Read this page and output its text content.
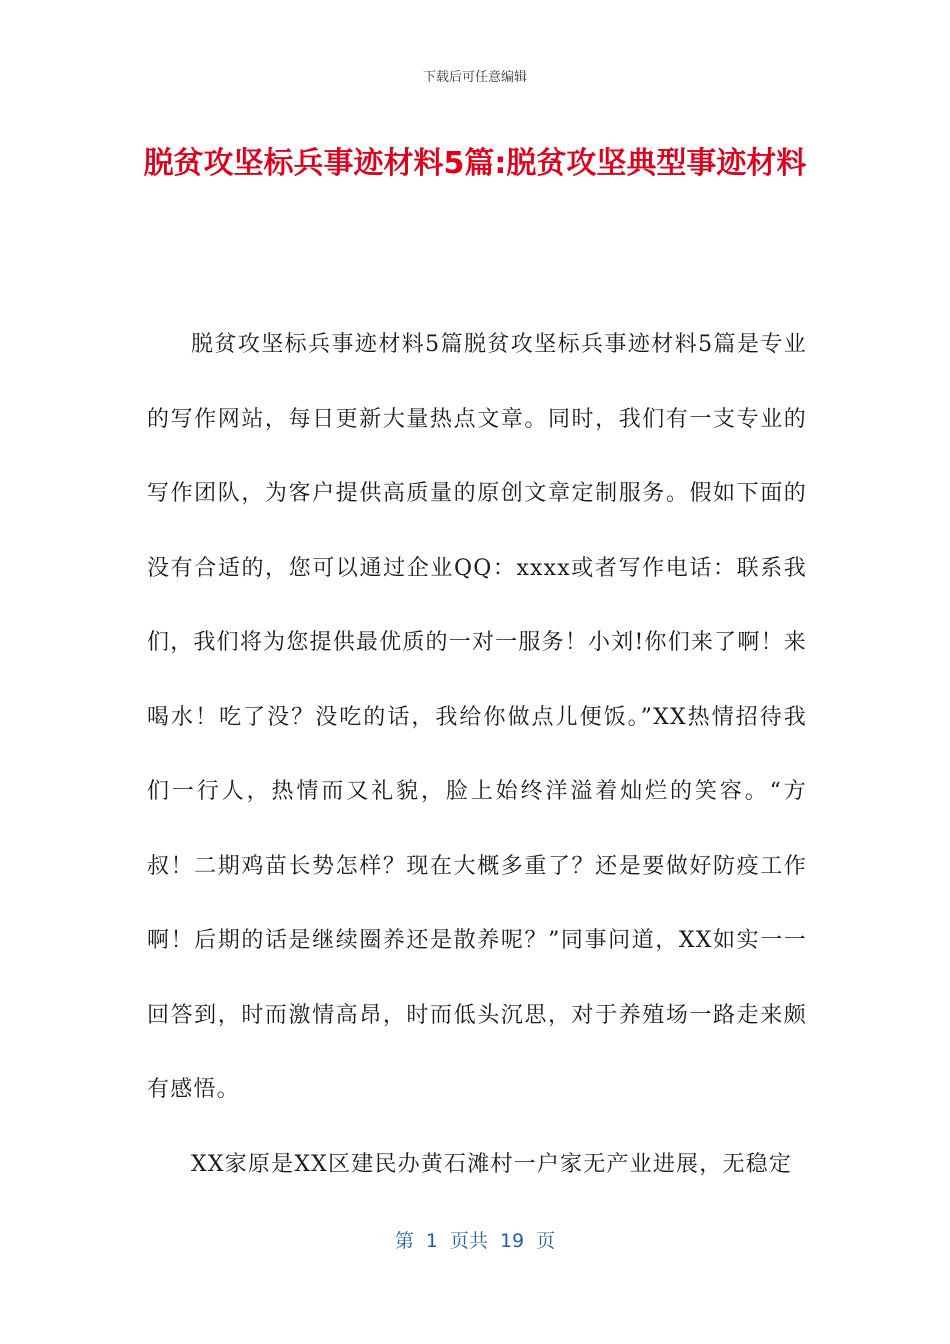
下载后可任意编辑
脱贫攻坚标兵事迹材料5篇:脱贫攻坚典型事迹材料

脱贫攻坚标兵事迹材料5篇脱贫攻坚标兵事迹材料5篇是专业的写作网站，每日更新大量热点文章。同时，我们有一支专业的写作团队，为客户提供高质量的原创文章定制服务。假如下面的没有合适的，您可以通过企业QQ：xxxx或者写作电话：联系我们，我们将为您提供最优质的一对一服务！小刘!你们来了啊！来喝水！吃了没？没吃的话，我给你做点儿便饭。”XX热情招待我们一行人，热情而又礼貌，脸上始终洋溢着灿烂的笑容。“方叔！二期鸡苗长势怎样？现在大概多重了？还是要做好防疫工作啊！后期的话是继续圈养还是散养呢？”同事问道，XX如实一一回答到，时而激情高昂，时而低头沉思，对于养殖场一路走来颇有感悟。

XX家原是XX区建民办黄石滩村一户家无产业进展，无稳定

第 1 页共 19 页
